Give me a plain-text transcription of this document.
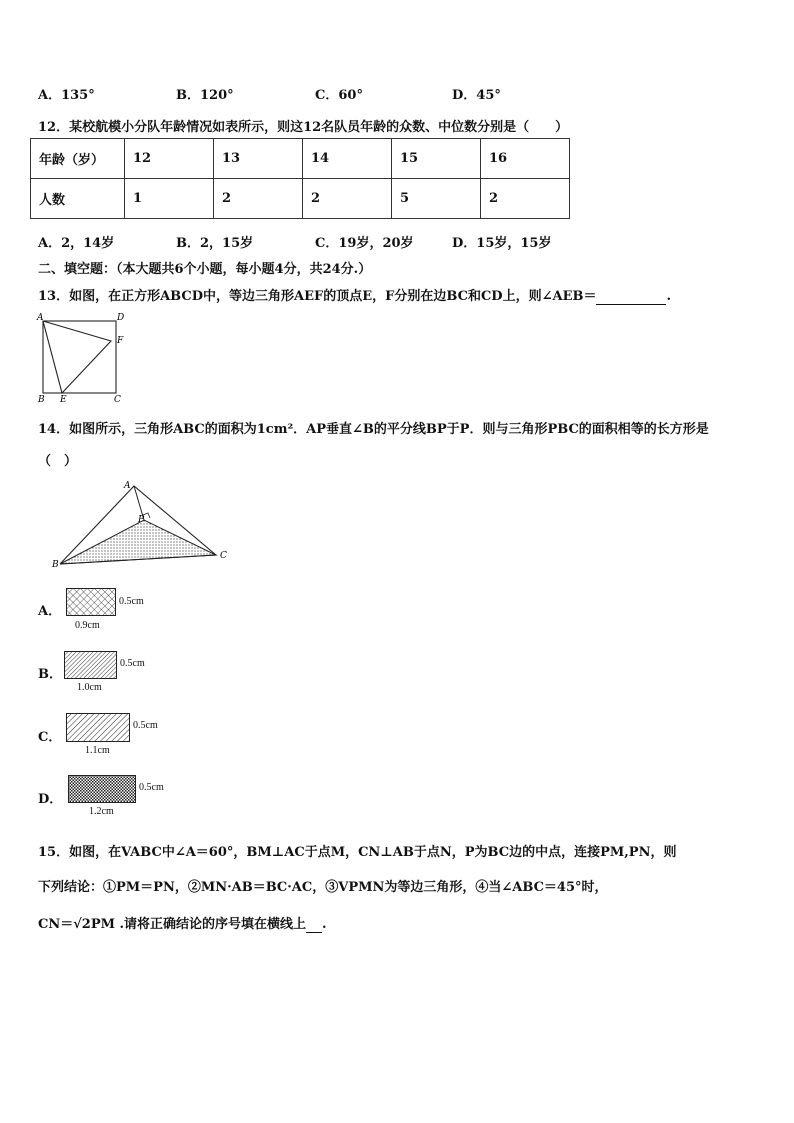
A．135°	B．120°	C．60°	D．45°
12．某校航模小分队年龄情况如表所示，则这12名队员年龄的众数、中位数分别是（　　）
年龄（岁）	12	13	14	15	16
人数	1	2	2	5	2
A．2，14岁	B．2，15岁	C．19岁，20岁	D．15岁，15岁
二、填空题：（本大题共6个小题，每小题4分，共24分.）
13．如图，在正方形ABCD中，等边三角形AEF的顶点E，F分别在边BC和CD上，则∠AEB＝	.
A	D
F
B E	C
14．如图所示，三角形ABC的面积为1cm²．AP垂直∠B的平分线BP于P．则与三角形PBC的面积相等的长方形是
（　）
A
P
B
C
A．
0.5cm
0.9cm
B．
0.5cm
1.0cm
C．
0.5cm
1.1cm
D．
0.5cm
1.2cm
15．如图，在VABC中∠A＝60°，BM⊥AC于点M，CN⊥AB于点N，P为BC边的中点，连接PM,PN，则
下列结论：①PM＝PN，②MN·AB＝BC·AC，③VPMN为等边三角形，④当∠ABC＝45°时，
CN＝√2PM .请将正确结论的序号填在横线上 .
